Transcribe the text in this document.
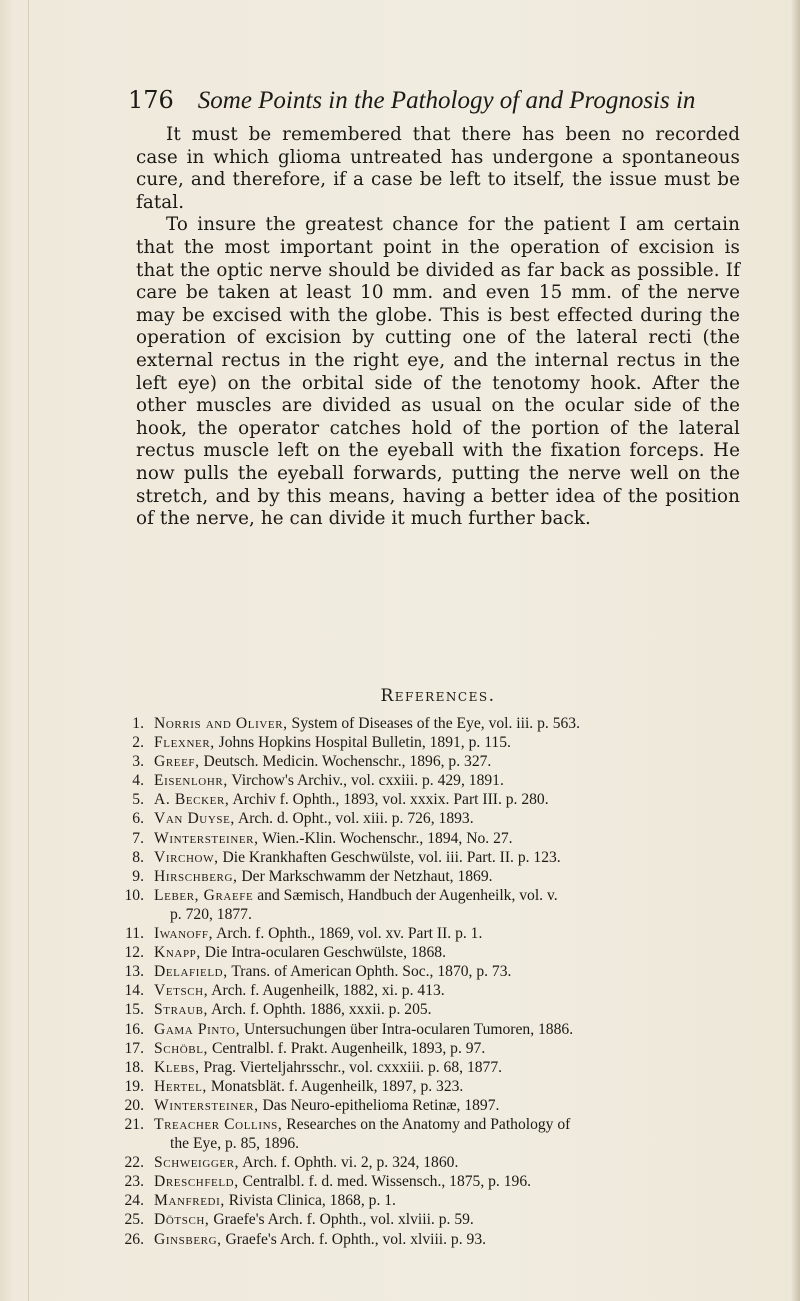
176 Some Points in the Pathology of and Prognosis in

It must be remembered that there has been no recorded case in which glioma untreated has undergone a spontaneous cure, and therefore, if a case be left to itself, the issue must be fatal.

To insure the greatest chance for the patient I am certain that the most important point in the operation of excision is that the optic nerve should be divided as far back as possible. If care be taken at least 10 mm. and even 15 mm. of the nerve may be excised with the globe. This is best effected during the operation of excision by cutting one of the lateral recti (the external rectus in the right eye, and the internal rectus in the left eye) on the orbital side of the tenotomy hook. After the other muscles are divided as usual on the ocular side of the hook, the operator catches hold of the portion of the lateral rectus muscle left on the eyeball with the fixation forceps. He now pulls the eyeball forwards, putting the nerve well on the stretch, and by this means, having a better idea of the position of the nerve, he can divide it much further back.

References.
1. Norris and Oliver, System of Diseases of the Eye, vol. iii. p. 563.
2. Flexner, Johns Hopkins Hospital Bulletin, 1891, p. 115.
3. Greef, Deutsch. Medicin. Wochenschr., 1896, p. 327.
4. Eisenlohr, Virchow's Archiv., vol. cxxiii. p. 429, 1891.
5. A. Becker, Archiv f. Ophth., 1893, vol. xxxix. Part III. p. 280.
6. Van Duyse, Arch. d. Opht., vol. xiii. p. 726, 1893.
7. Wintersteiner, Wien.-Klin. Wochenschr., 1894, No. 27.
8. Virchow, Die Krankhaften Geschwülste, vol. iii. Part. II. p. 123.
9. Hirschberg, Der Markschwamm der Netzhaut, 1869.
10. Leber, Graefe and Sæmisch, Handbuch der Augenheilk, vol. v.
p. 720, 1877.
11. Iwanoff, Arch. f. Ophth., 1869, vol. xv. Part II. p. 1.
12. Knapp, Die Intra-ocularen Geschwülste, 1868.
13. Delafield, Trans. of American Ophth. Soc., 1870, p. 73.
14. Vetsch, Arch. f. Augenheilk, 1882, xi. p. 413.
15. Straub, Arch. f. Ophth. 1886, xxxii. p. 205.
16. Gama Pinto, Untersuchungen über Intra-ocularen Tumoren, 1886.
17. Schöbl, Centralbl. f. Prakt. Augenheilk, 1893, p. 97.
18. Klebs, Prag. Vierteljahrsschr., vol. cxxxiii. p. 68, 1877.
19. Hertel, Monatsblät. f. Augenheilk, 1897, p. 323.
20. Wintersteiner, Das Neuro-epithelioma Retinæ, 1897.
21. Treacher Collins, Researches on the Anatomy and Pathology of
the Eye, p. 85, 1896.
22. Schweigger, Arch. f. Ophth. vi. 2, p. 324, 1860.
23. Dreschfeld, Centralbl. f. d. med. Wissensch., 1875, p. 196.
24. Manfredi, Rivista Clinica, 1868, p. 1.
25. Dötsch, Graefe's Arch. f. Ophth., vol. xlviii. p. 59.
26. Ginsberg, Graefe's Arch. f. Ophth., vol. xlviii. p. 93.
